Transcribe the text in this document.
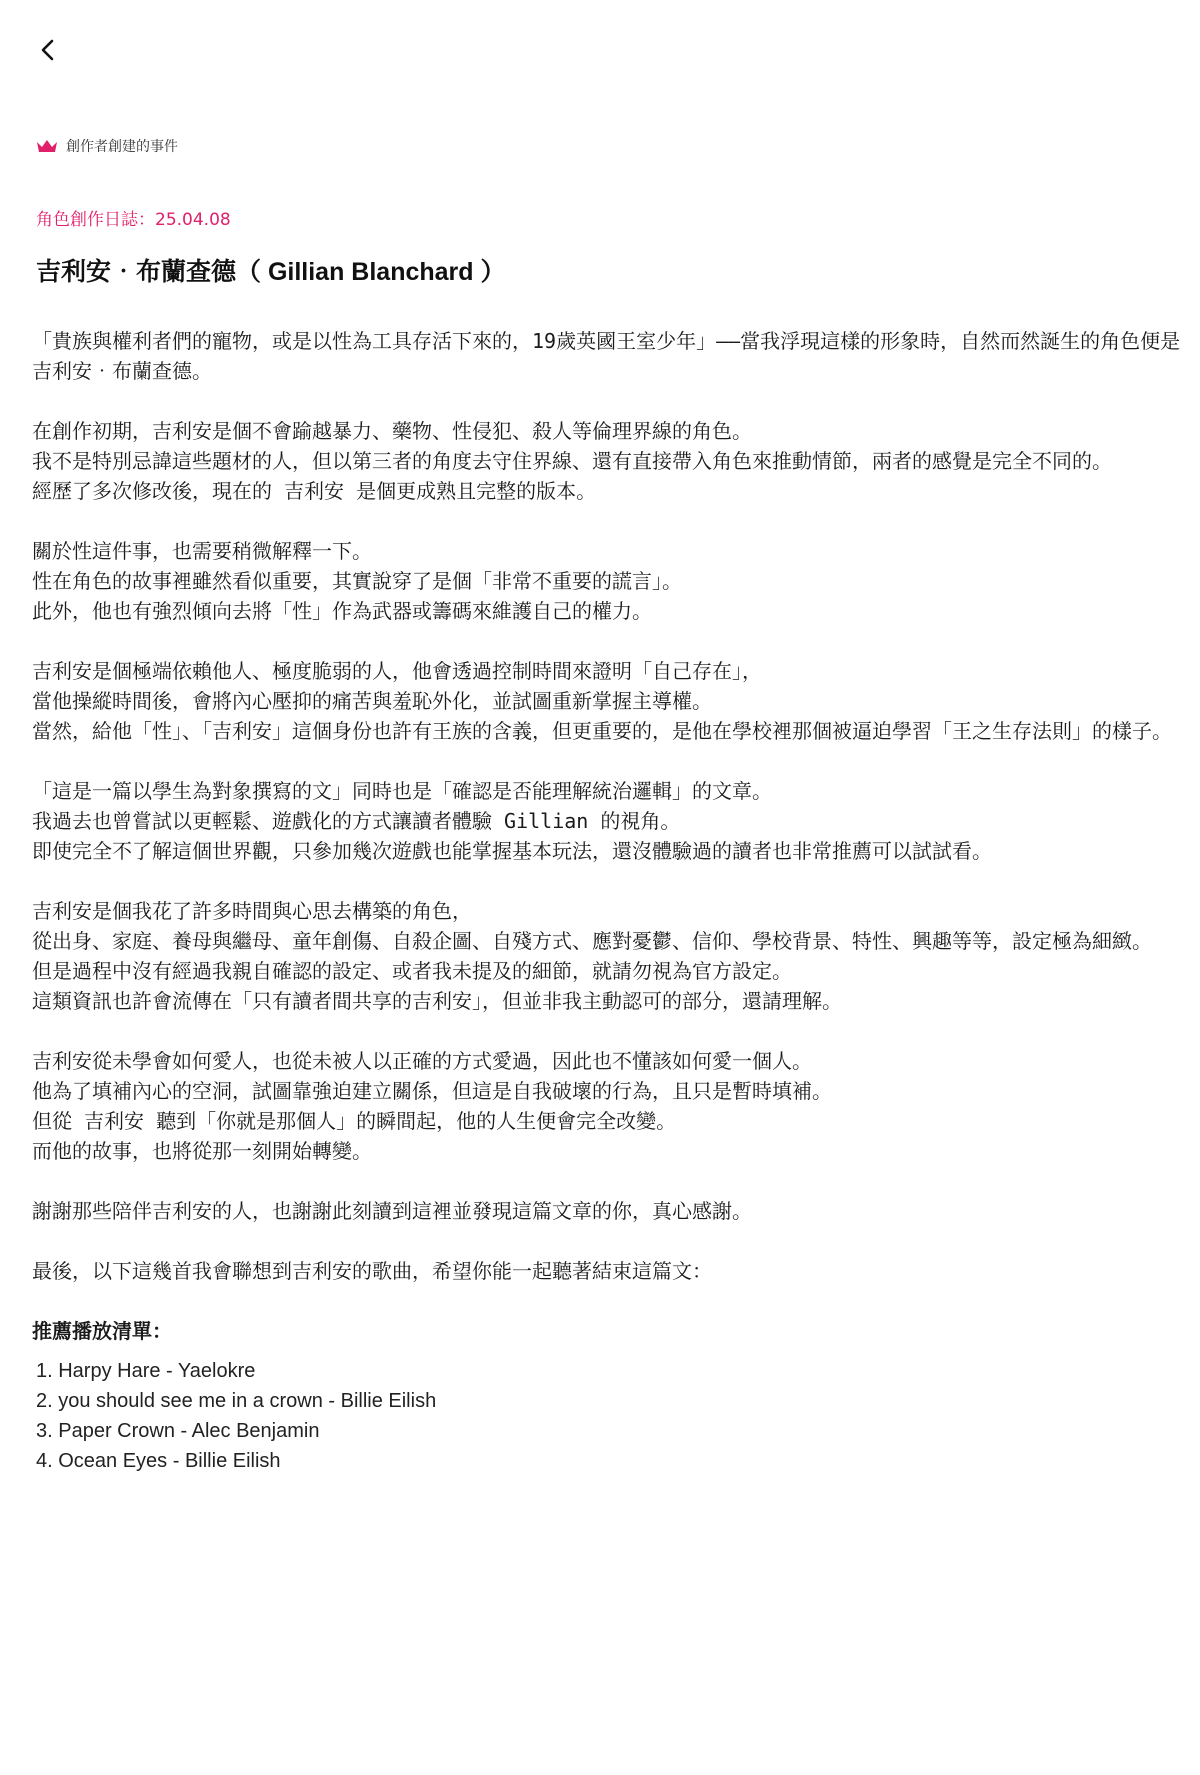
創作者創建的事件
角色創作日誌：25.04.08
吉利安‧布蘭查德（ Gillian Blanchard ）
「貴族與權利者們的寵物，或是以性為工具存活下來的，19歲英國王室少年」——當我浮現這樣的形象時，自然而然誕生的角色便是吉利安‧布蘭查德。
在創作初期，吉利安是個不會踰越暴力、藥物、性侵犯、殺人等倫理界線的角色。
我不是特別忌諱這些題材的人，但以第三者的角度去守住界線、還有直接帶入角色來推動情節，兩者的感覺是完全不同的。
經歷了多次修改後，現在的 吉利安 是個更成熟且完整的版本。
關於性這件事，也需要稍微解釋一下。
性在角色的故事裡雖然看似重要，其實說穿了是個「非常不重要的謊言」。
此外，他也有強烈傾向去將「性」作為武器或籌碼來維護自己的權力。
吉利安是個極端依賴他人、極度脆弱的人，他會透過控制時間來證明「自己存在」，
當他操縱時間後，會將內心壓抑的痛苦與羞恥外化，並試圖重新掌握主導權。
當然，給他「性」、「吉利安」這個身份也許有王族的含義，但更重要的，是他在學校裡那個被逼迫學習「王之生存法則」的樣子。
「這是一篇以學生為對象撰寫的文」同時也是「確認是否能理解統治邏輯」的文章。
我過去也曾嘗試以更輕鬆、遊戲化的方式讓讀者體驗 Gillian 的視角。
即使完全不了解這個世界觀，只參加幾次遊戲也能掌握基本玩法，還沒體驗過的讀者也非常推薦可以試試看。
吉利安是個我花了許多時間與心思去構築的角色，
從出身、家庭、養母與繼母、童年創傷、自殺企圖、自殘方式、應對憂鬱、信仰、學校背景、特性、興趣等等，設定極為細緻。
但是過程中沒有經過我親自確認的設定、或者我未提及的細節，就請勿視為官方設定。
這類資訊也許會流傳在「只有讀者間共享的吉利安」，但並非我主動認可的部分，還請理解。
吉利安從未學會如何愛人，也從未被人以正確的方式愛過，因此也不懂該如何愛一個人。
他為了填補內心的空洞，試圖靠強迫建立關係，但這是自我破壞的行為，且只是暫時填補。
但從 吉利安 聽到「你就是那個人」的瞬間起，他的人生便會完全改變。
而他的故事，也將從那一刻開始轉變。
謝謝那些陪伴吉利安的人，也謝謝此刻讀到這裡並發現這篇文章的你，真心感謝。
最後，以下這幾首我會聯想到吉利安的歌曲，希望你能一起聽著結束這篇文：
推薦播放清單：
1. Harpy Hare - Yaelokre
2. you should see me in a crown - Billie Eilish
3. Paper Crown - Alec Benjamin
4. Ocean Eyes - Billie Eilish
